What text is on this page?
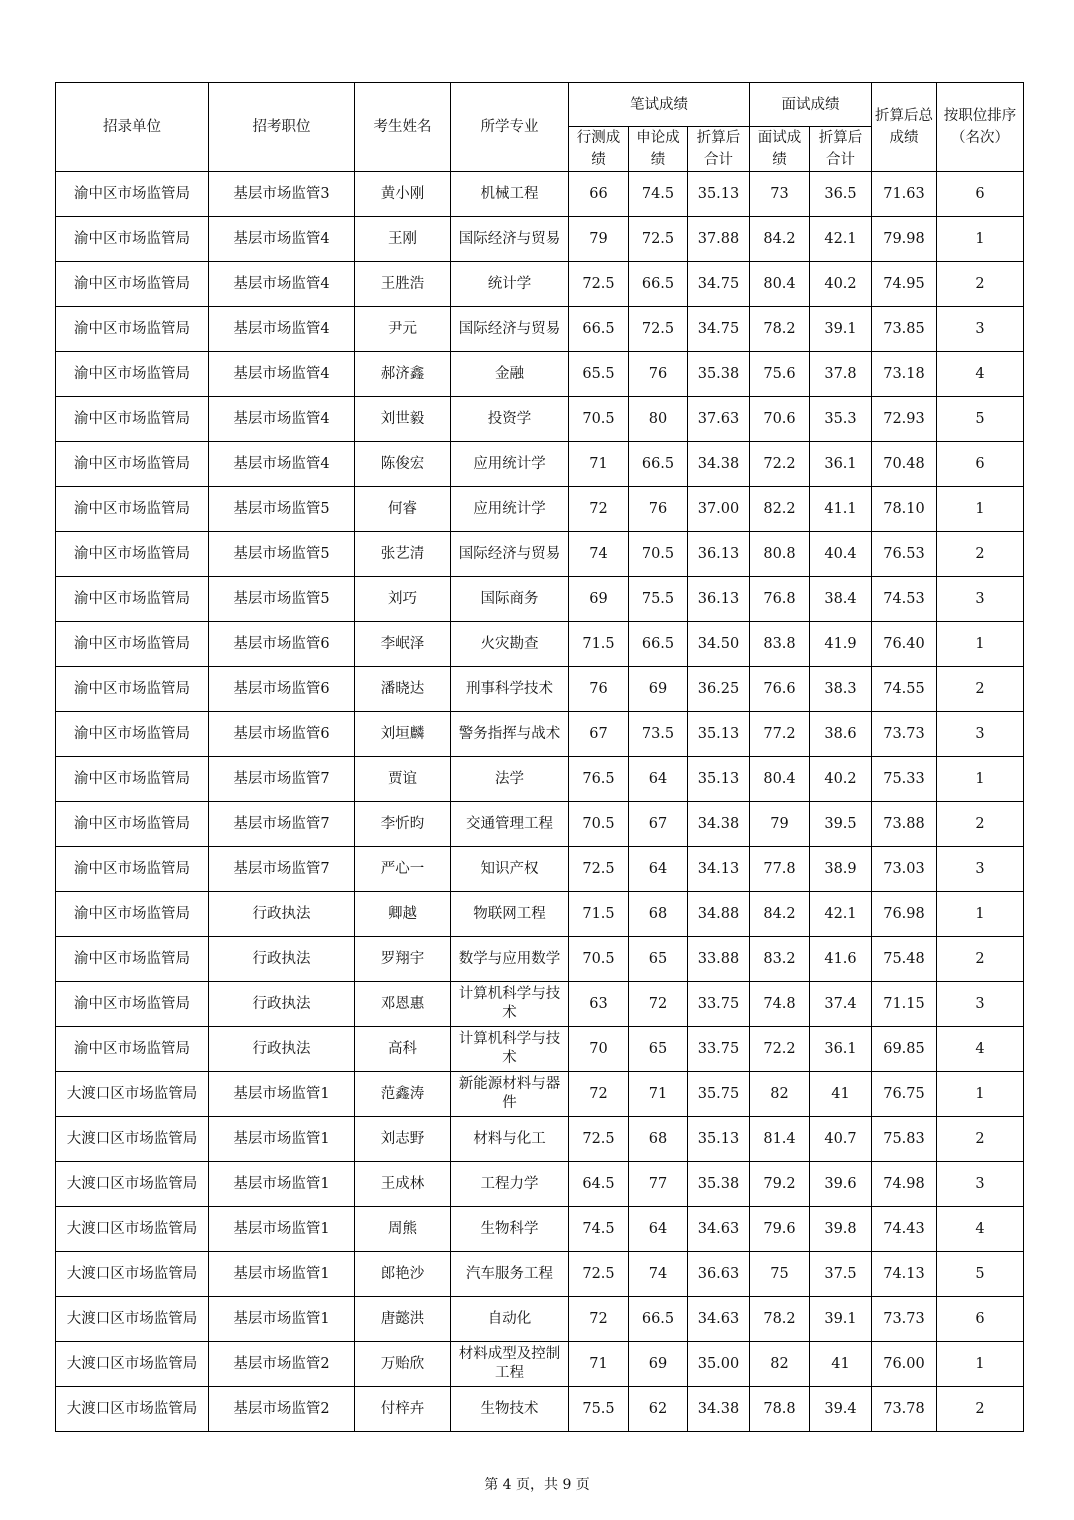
招录单位	招考职位	考生姓名	所学专业	笔试成绩			面试成绩		折算后总成绩	按职位排序（名次）
				行测成绩	申论成绩	折算后合计	面试成绩	折算后合计		
渝中区市场监管局	基层市场监管3	黄小刚	机械工程	66	74.5	35.13	73	36.5	71.63	6
渝中区市场监管局	基层市场监管4	王刚	国际经济与贸易	79	72.5	37.88	84.2	42.1	79.98	1
渝中区市场监管局	基层市场监管4	王胜浩	统计学	72.5	66.5	34.75	80.4	40.2	74.95	2
渝中区市场监管局	基层市场监管4	尹元	国际经济与贸易	66.5	72.5	34.75	78.2	39.1	73.85	3
渝中区市场监管局	基层市场监管4	郝济鑫	金融	65.5	76	35.38	75.6	37.8	73.18	4
渝中区市场监管局	基层市场监管4	刘世毅	投资学	70.5	80	37.63	70.6	35.3	72.93	5
渝中区市场监管局	基层市场监管4	陈俊宏	应用统计学	71	66.5	34.38	72.2	36.1	70.48	6
渝中区市场监管局	基层市场监管5	何睿	应用统计学	72	76	37.00	82.2	41.1	78.10	1
渝中区市场监管局	基层市场监管5	张艺清	国际经济与贸易	74	70.5	36.13	80.8	40.4	76.53	2
渝中区市场监管局	基层市场监管5	刘巧	国际商务	69	75.5	36.13	76.8	38.4	74.53	3
渝中区市场监管局	基层市场监管6	李岷泽	火灾勘查	71.5	66.5	34.50	83.8	41.9	76.40	1
渝中区市场监管局	基层市场监管6	潘晓达	刑事科学技术	76	69	36.25	76.6	38.3	74.55	2
渝中区市场监管局	基层市场监管6	刘垣麟	警务指挥与战术	67	73.5	35.13	77.2	38.6	73.73	3
渝中区市场监管局	基层市场监管7	贾谊	法学	76.5	64	35.13	80.4	40.2	75.33	1
渝中区市场监管局	基层市场监管7	李忻昀	交通管理工程	70.5	67	34.38	79	39.5	73.88	2
渝中区市场监管局	基层市场监管7	严心一	知识产权	72.5	64	34.13	77.8	38.9	73.03	3
渝中区市场监管局	行政执法	卿越	物联网工程	71.5	68	34.88	84.2	42.1	76.98	1
渝中区市场监管局	行政执法	罗翔宇	数学与应用数学	70.5	65	33.88	83.2	41.6	75.48	2
渝中区市场监管局	行政执法	邓恩惠	计算机科学与技术	63	72	33.75	74.8	37.4	71.15	3
渝中区市场监管局	行政执法	高科	计算机科学与技术	70	65	33.75	72.2	36.1	69.85	4
大渡口区市场监管局	基层市场监管1	范鑫涛	新能源材料与器件	72	71	35.75	82	41	76.75	1
大渡口区市场监管局	基层市场监管1	刘志野	材料与化工	72.5	68	35.13	81.4	40.7	75.83	2
大渡口区市场监管局	基层市场监管1	王成林	工程力学	64.5	77	35.38	79.2	39.6	74.98	3
大渡口区市场监管局	基层市场监管1	周熊	生物科学	74.5	64	34.63	79.6	39.8	74.43	4
大渡口区市场监管局	基层市场监管1	郎艳沙	汽车服务工程	72.5	74	36.63	75	37.5	74.13	5
大渡口区市场监管局	基层市场监管1	唐懿洪	自动化	72	66.5	34.63	78.2	39.1	73.73	6
大渡口区市场监管局	基层市场监管2	万贻欣	材料成型及控制工程	71	69	35.00	82	41	76.00	1
大渡口区市场监管局	基层市场监管2	付梓卉	生物技术	75.5	62	34.38	78.8	39.4	73.78	2
第 4 页，共 9 页
